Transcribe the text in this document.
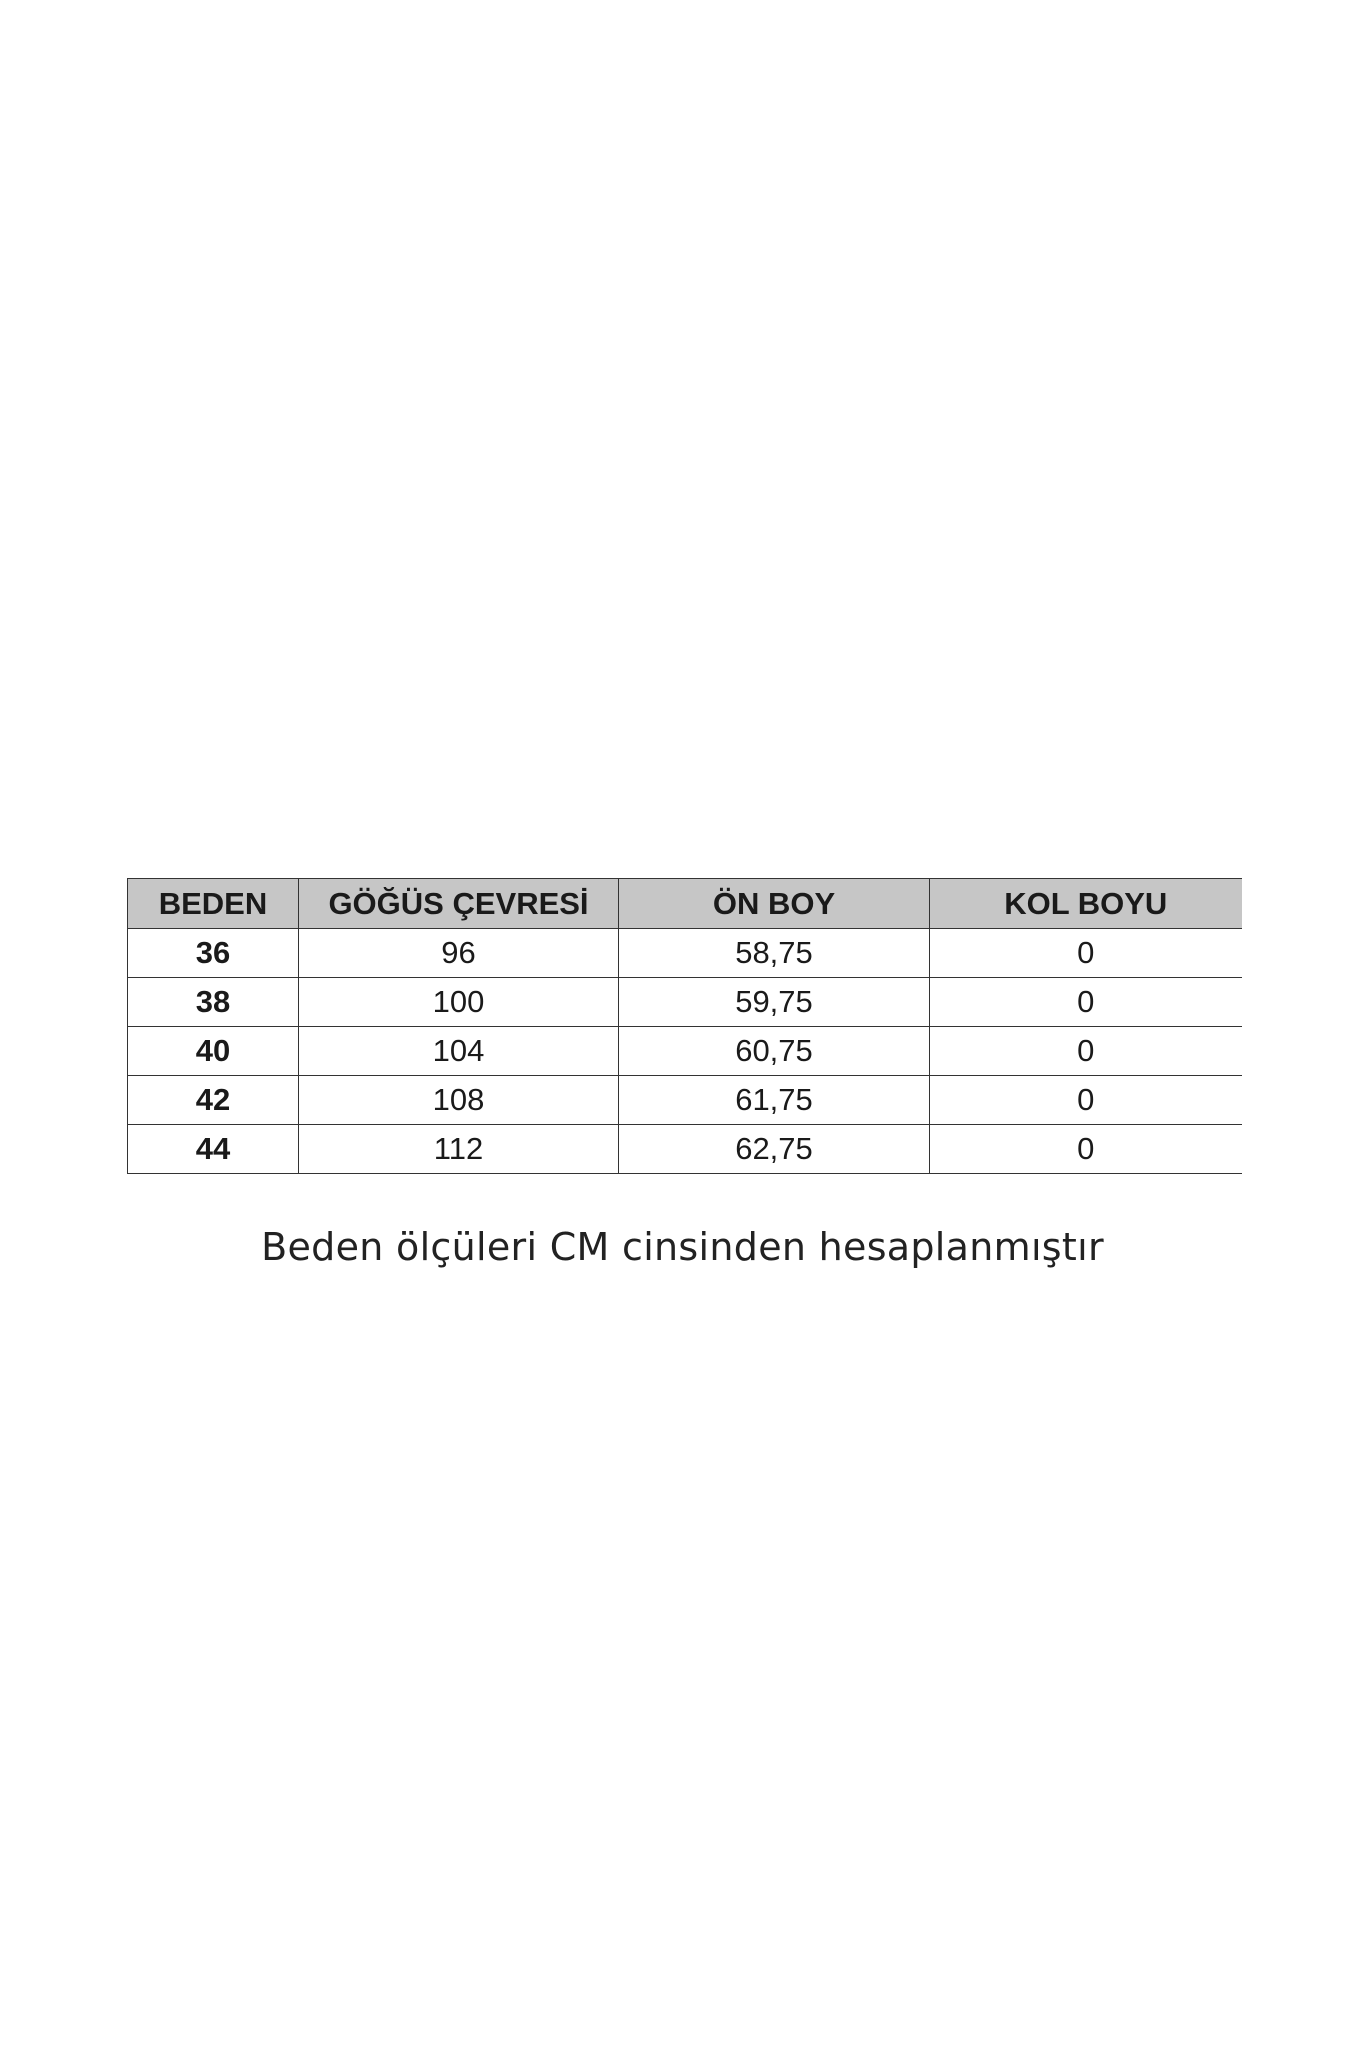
BEDEN	GÖĞÜS ÇEVRESİ	ÖN BOY	KOL BOYU
36	96	58,75	0
38	100	59,75	0
40	104	60,75	0
42	108	61,75	0
44	112	62,75	0
Beden ölçüleri CM cinsinden hesaplanmıştır
